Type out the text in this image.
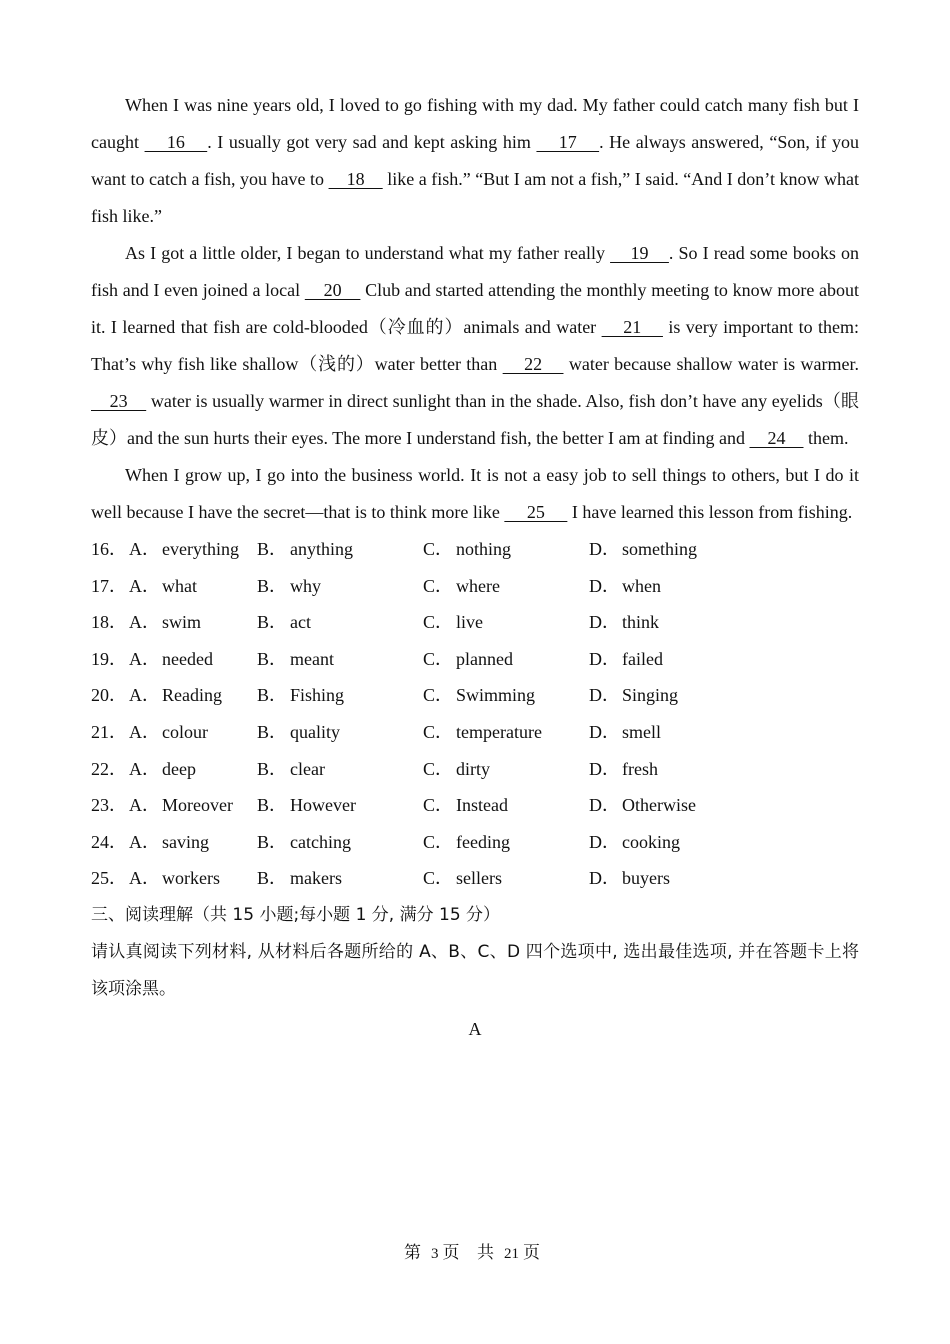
When I was nine years old, I loved to go fishing with my dad. My father could catch many fish but I caught     16    . I usually got very sad and kept asking him     17    . He always answered, “Son, if you want to catch a fish, you have to     18     like a fish.” “But I am not a fish,” I said. “And I don’t know what fish like.”

As I got a little older, I began to understand what my father really     19    . So I read some books on fish and I even joined a local     20     Club and started attending the monthly meeting to know more about it. I learned that fish are cold-blooded（冷血的）animals and water     21     is very important to them: That’s why fish like shallow（浅的）water better than     22     water because shallow water is warmer.     23     water is usually warmer in direct sunlight than in the shade. Also, fish don’t have any eyelids（眼皮）and the sun hurts their eyes. The more I understand fish, the better I am at finding and     24     them.

When I grow up, I go into the business world. It is not a easy job to sell things to others, but I do it well because I have the secret—that is to think more like      25      I have learned this lesson from fishing.

16． A． everything B． anything	C． nothing	D． something
17． A． what	B． why	C． where	D． when
18． A． swim	B． act	C． live	D． think
19． A． needed B． meant	C． planned	D． failed
20． A． Reading B． Fishing	C． Swimming	D． Singing
21． A． colour	B． quality	C． temperature	D． smell
22． A． deep	B． clear	C． dirty	D． fresh
23． A． Moreover B． However	C． Instead	D． Otherwise
24． A． saving	B． catching	C． feeding	D． cooking
25． A． workers B． makers	C． sellers	D． buyers

三、阅读理解（共 15 小题;每小题 1 分, 满分 15 分）

请认真阅读下列材料, 从材料后各题所给的 A、B、C、D 四个选项中, 选出最佳选项, 并在答题卡上将该项涂黑。

A
第 3 页 共 21 页
